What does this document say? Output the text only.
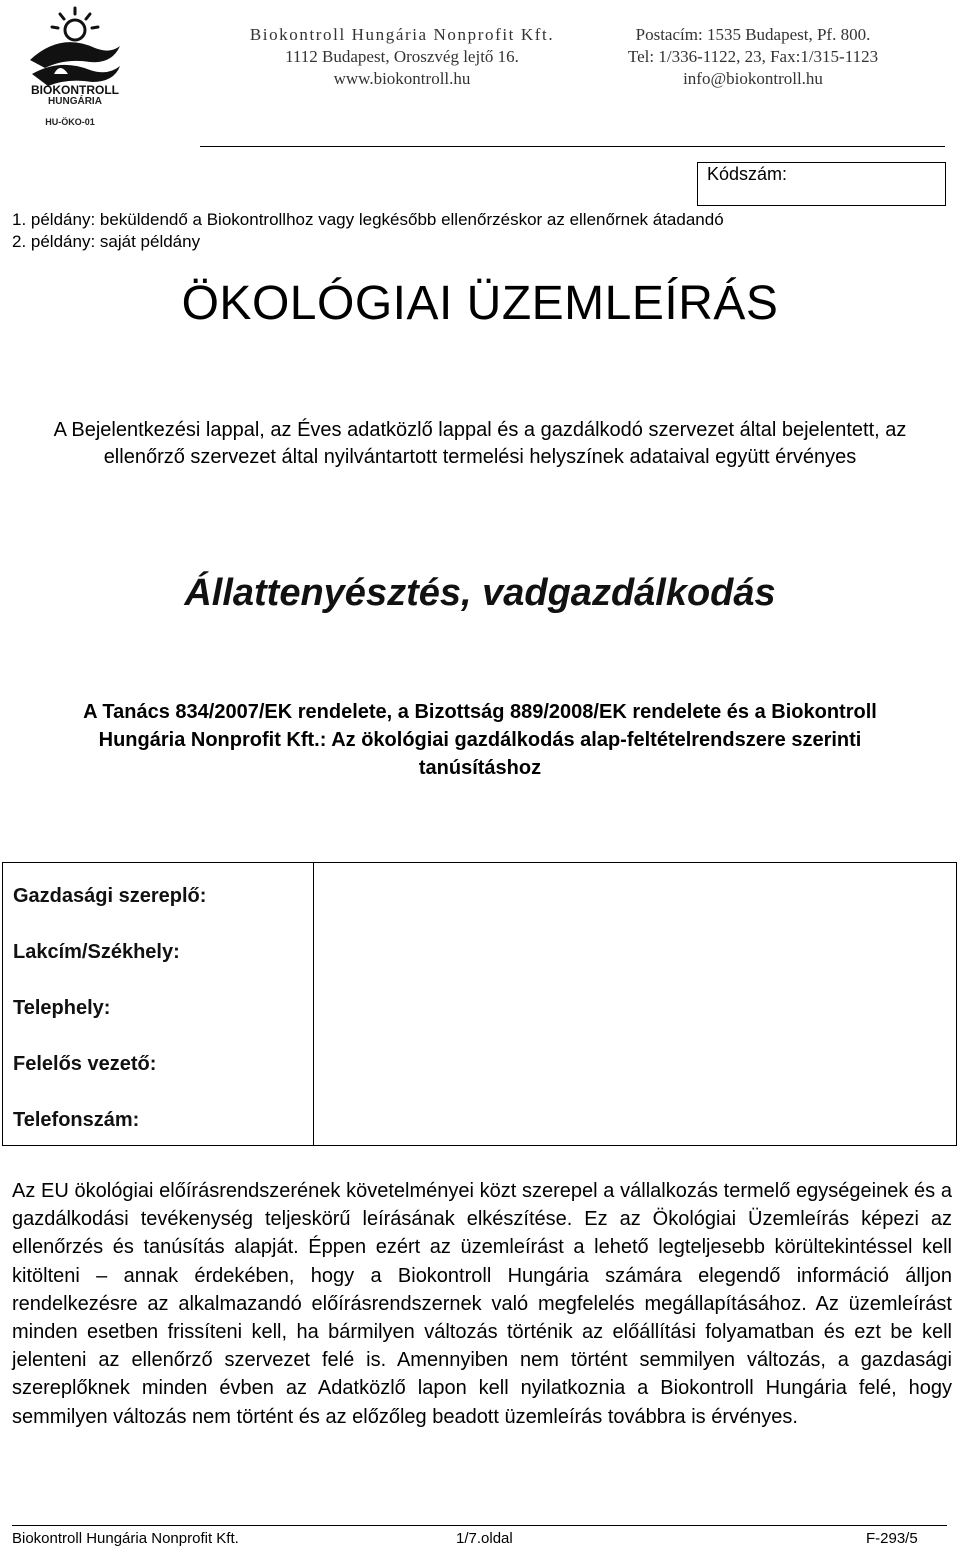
BIOKONTROLL
HUNGÁRIA
HU-ÖKO-01
Biokontroll Hungária Nonprofit Kft.
1112 Budapest, Oroszvég lejtő 16.
www.biokontroll.hu
Postacím: 1535 Budapest, Pf. 800.
Tel: 1/336-1122, 23, Fax:1/315-1123
info@biokontroll.hu
Kódszám:
1. példány: beküldendő a Biokontrollhoz vagy legkésőbb ellenőrzéskor az ellenőrnek átadandó
2. példány: saját példány
ÖKOLÓGIAI ÜZEMLEÍRÁS
A Bejelentkezési lappal, az Éves adatközlő lappal és a gazdálkodó szervezet által bejelentett, az ellenőrző szervezet által nyilvántartott termelési helyszínek adataival együtt érvényes
Állattenyésztés, vadgazdálkodás
A Tanács 834/2007/EK rendelete, a Bizottság 889/2008/EK rendelete és a Biokontroll Hungária Nonprofit Kft.: Az ökológiai gazdálkodás alap-feltételrendszere szerinti tanúsításhoz
Gazdasági szereplő:
Lakcím/Székhely:
Telephely:
Felelős vezető:
Telefonszám:
Az EU ökológiai előírásrendszerének követelményei közt szerepel a vállalkozás termelő egységeinek és a gazdálkodási tevékenység teljeskörű leírásának elkészítése. Ez az Ökológiai Üzemleírás képezi az ellenőrzés és tanúsítás alapját. Éppen ezért az üzemleírást a lehető legteljesebb körültekintéssel kell kitölteni – annak érdekében, hogy a Biokontroll Hungária számára elegendő információ álljon rendelkezésre az alkalmazandó előírásrendszernek való megfelelés megállapításához. Az üzemleírást minden esetben frissíteni kell, ha bármilyen változás történik az előállítási folyamatban és ezt be kell jelenteni az ellenőrző szervezet felé is. Amennyiben nem történt semmilyen változás, a gazdasági szereplőknek minden évben az Adatközlő lapon kell nyilatkoznia a Biokontroll Hungária felé, hogy semmilyen változás nem történt és az előzőleg beadott üzemleírás továbbra is érvényes.
Biokontroll Hungária Nonprofit Kft.	1/7.oldal	F-293/5
